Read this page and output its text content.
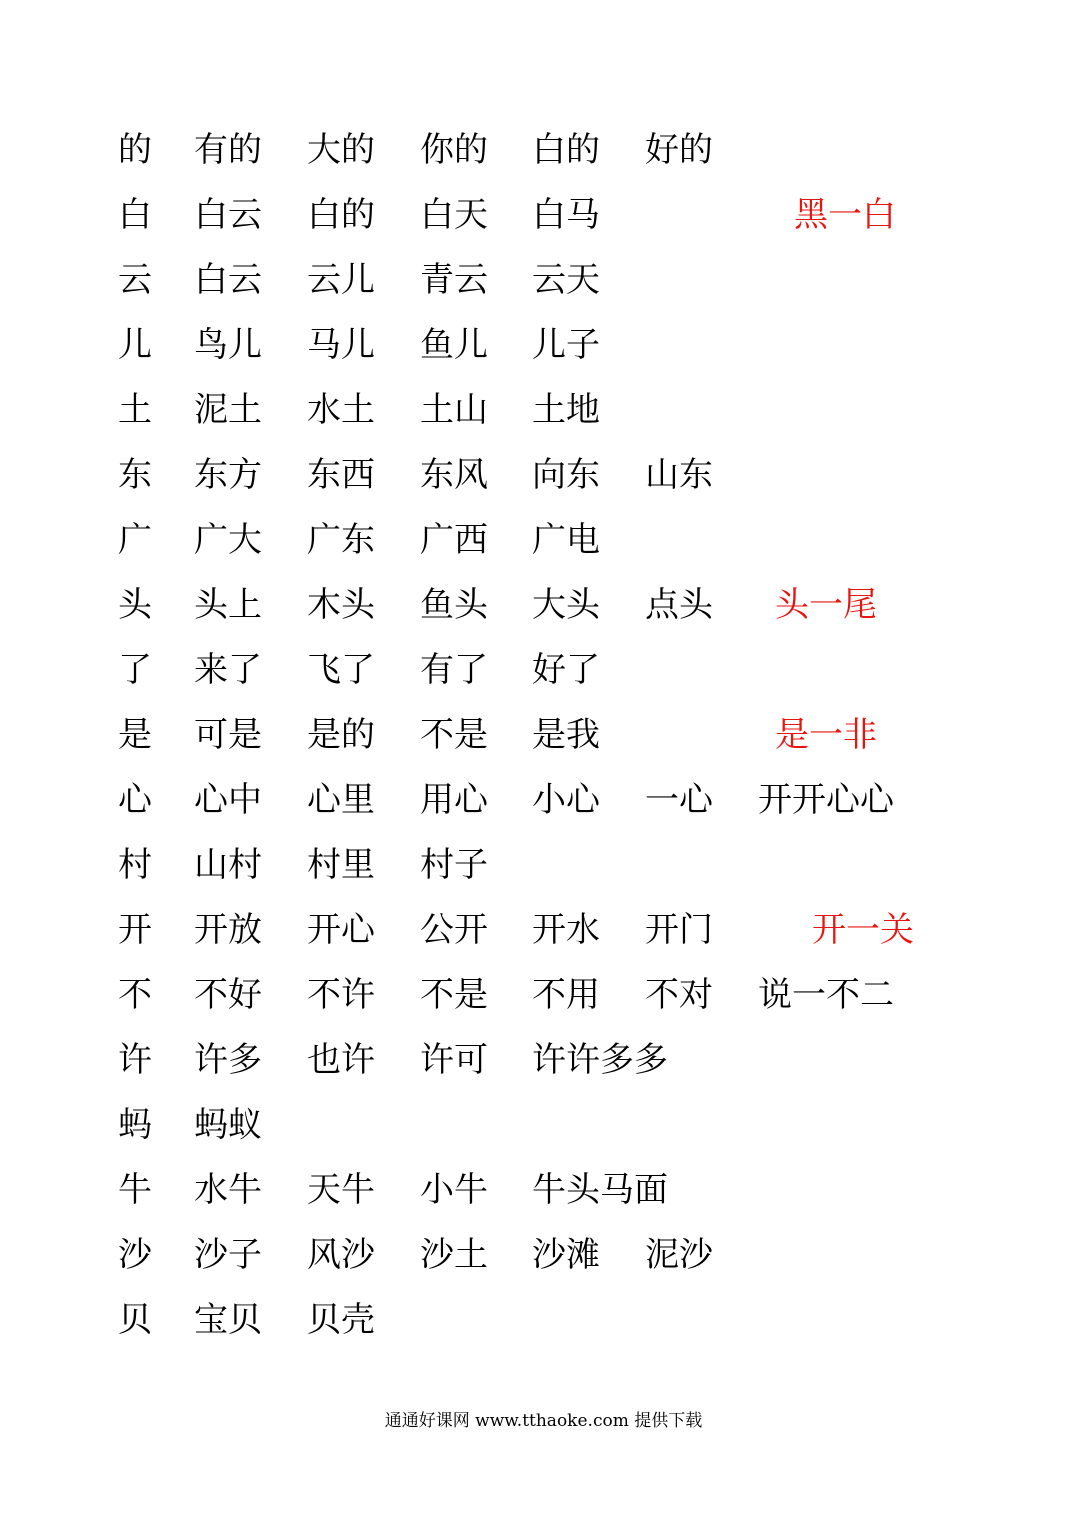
的 有的 大的 你的 白的 好的
白 白云 白的 白天 白马	黑一白
云 白云 云儿 青云 云天
儿 鸟儿 马儿 鱼儿 儿子
土 泥土 水土 土山 土地
东 东方 东西 东风 向东 山东
广 广大 广东 广西 广电
头 头上 木头 鱼头 大头 点头 头一尾
了 来了 飞了 有了 好了
是 可是 是的 不是 是我	是一非
心 心中 心里 用心 小心 一心 开开心心
村 山村 村里 村子
开 开放 开心 公开 开水 开门	开一关
不 不好 不许 不是 不用 不对 说一不二
许 许多 也许 许可 许许多多
蚂 蚂蚁
牛 水牛 天牛 小牛 牛头马面
沙 沙子 风沙 沙土 沙滩 泥沙
贝 宝贝 贝壳
通通好课网 www.tthaoke.com 提供下载
